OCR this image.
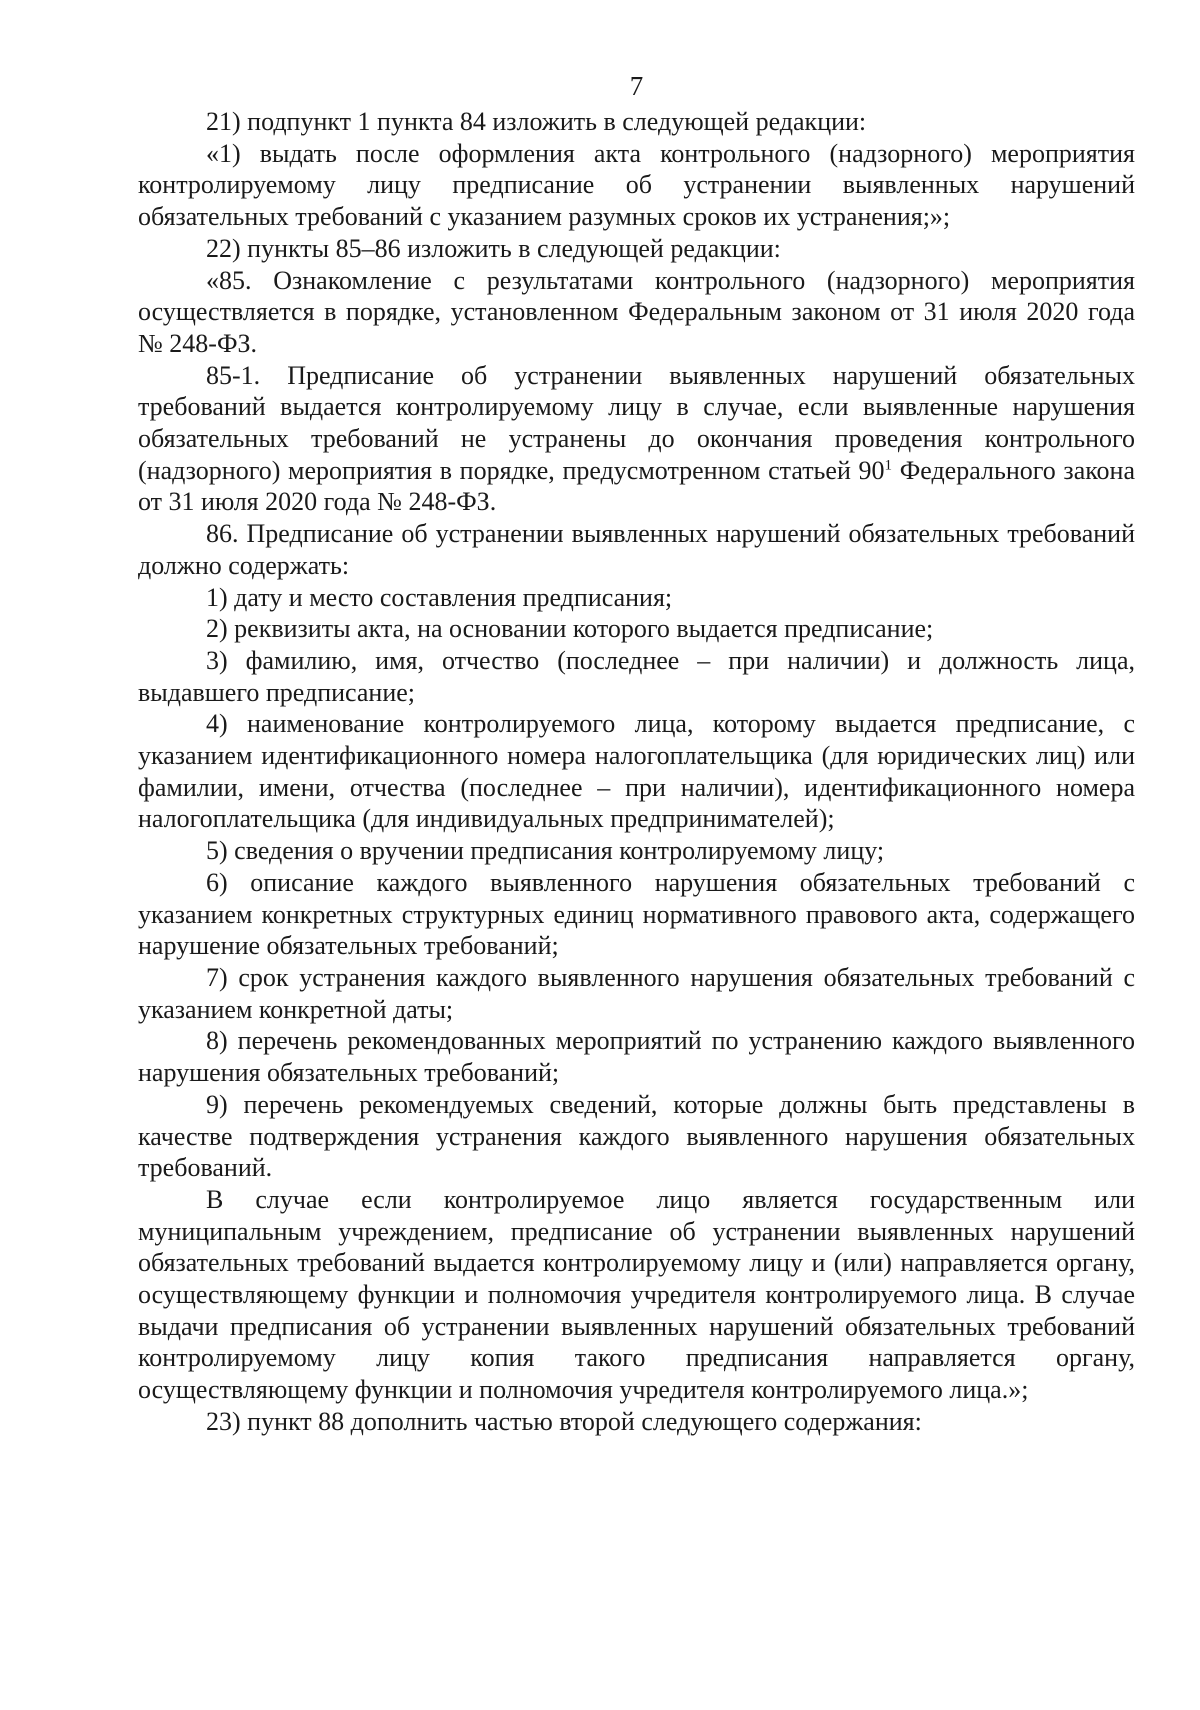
7

21) подпункт 1 пункта 84 изложить в следующей редакции:

«1) выдать после оформления акта контрольного (надзорного) мероприятия контролируемому лицу предписание об устранении выявленных нарушений обязательных требований с указанием разумных сроков их устранения;»;

22) пункты 85–86 изложить в следующей редакции:

«85. Ознакомление с результатами контрольного (надзорного) мероприятия осуществляется в порядке, установленном Федеральным законом от 31 июля 2020 года № 248-ФЗ.

85-1. Предписание об устранении выявленных нарушений обязательных требований выдается контролируемому лицу в случае, если выявленные нарушения обязательных требований не устранены до окончания проведения контрольного (надзорного) мероприятия в порядке, предусмотренном статьей $90^1$ Федерального закона от 31 июля 2020 года № 248-ФЗ.

86. Предписание об устранении выявленных нарушений обязательных требований должно содержать:

1) дату и место составления предписания;

2) реквизиты акта, на основании которого выдается предписание;

3) фамилию, имя, отчество (последнее – при наличии) и должность лица, выдавшего предписание;

4) наименование контролируемого лица, которому выдается предписание, с указанием идентификационного номера налогоплательщика (для юридических лиц) или фамилии, имени, отчества (последнее – при наличии), идентификационного номера налогоплательщика (для индивидуальных предпринимателей);

5) сведения о вручении предписания контролируемому лицу;

6) описание каждого выявленного нарушения обязательных требований с указанием конкретных структурных единиц нормативного правового акта, содержащего нарушение обязательных требований;

7) срок устранения каждого выявленного нарушения обязательных требований с указанием конкретной даты;

8) перечень рекомендованных мероприятий по устранению каждого выявленного нарушения обязательных требований;

9) перечень рекомендуемых сведений, которые должны быть представлены в качестве подтверждения устранения каждого выявленного нарушения обязательных требований.

В случае если контролируемое лицо является государственным или муниципальным учреждением, предписание об устранении выявленных нарушений обязательных требований выдается контролируемому лицу и (или) направляется органу, осуществляющему функции и полномочия учредителя контролируемого лица. В случае выдачи предписания об устранении выявленных нарушений обязательных требований контролируемому лицу копия такого предписания направляется органу, осуществляющему функции и полномочия учредителя контролируемого лица.»;

23) пункт 88 дополнить частью второй следующего содержания:
